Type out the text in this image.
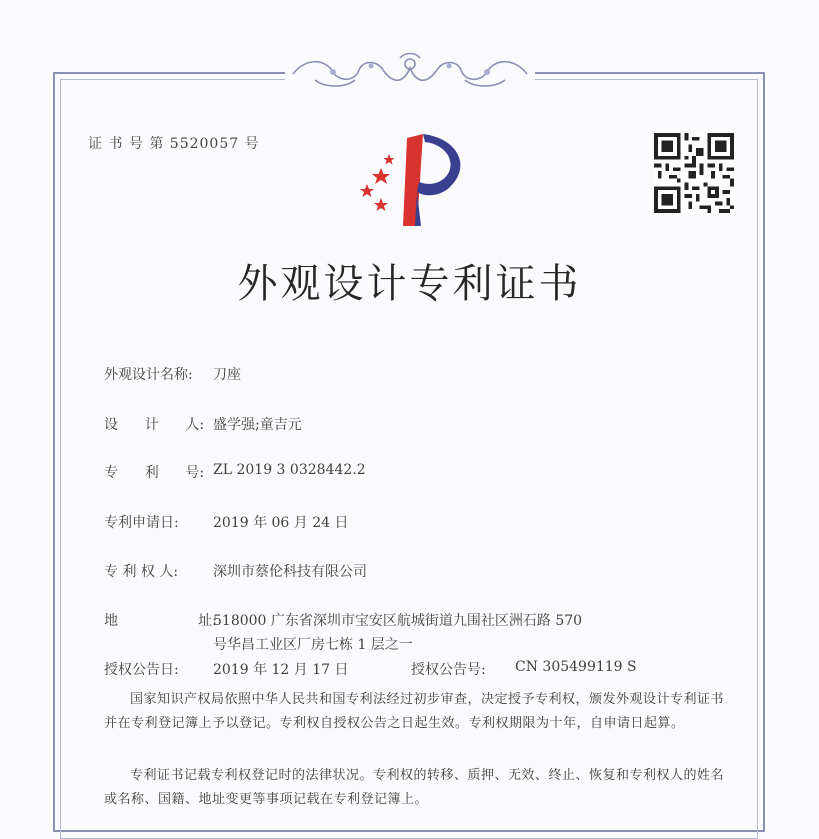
证 书 号 第 5520057 号
外观设计专利证书
外观设计名称: 刀座
设      计      人: 盛学强;童吉元
专      利      号: ZL 2019 3 0328442.2
专利申请日: 2019 年 06 月 24 日
专 利 权 人: 深圳市蔡伦科技有限公司
地                  址:
518000 广东省深圳市宝安区航城街道九围社区洲石路 570
号华昌工业区厂房七栋 1 层之一
授权公告日: 2019 年 12 月 17 日	授权公告号: CN 305499119 S
国家知识产权局依照中华人民共和国专利法经过初步审查，决定授予专利权，颁发外观设计专利证书并在专利登记簿上予以登记。专利权自授权公告之日起生效。专利权期限为十年，自申请日起算。
专利证书记载专利权登记时的法律状况。专利权的转移、质押、无效、终止、恢复和专利权人的姓名或名称、国籍、地址变更等事项记载在专利登记簿上。
